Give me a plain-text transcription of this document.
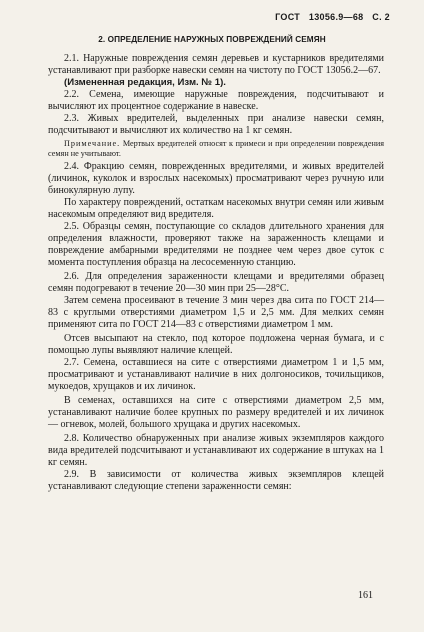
ГОСТ 13056.9—68 С. 2
2. ОПРЕДЕЛЕНИЕ НАРУЖНЫХ ПОВРЕЖДЕНИЙ СЕМЯН

2.1. Наружные повреждения семян деревьев и кустарников вредителями устанавливают при разборке навески семян на чистоту по ГОСТ 13056.2—67.

(Измененная редакция, Изм. № 1).

2.2. Семена, имеющие наружные повреждения, подсчитывают и вычисляют их процентное содержание в навеске.

2.3. Живых вредителей, выделенных при анализе навески семян, подсчитывают и вычисляют их количество на 1 кг семян.

Примечание. Мертвых вредителей относят к примеси и при определении повреждения семян не учитывают.

2.4. Фракцию семян, поврежденных вредителями, и живых вредителей (личинок, куколок и взрослых насекомых) просматривают через ручную или бинокулярную лупу.

По характеру повреждений, остаткам насекомых внутри семян или живым насекомым определяют вид вредителя.

2.5. Образцы семян, поступающие со складов длительного хранения для определения влажности, проверяют также на зараженность клещами и повреждение амбарными вредителями не позднее чем через двое суток с момента поступления образца на лесосеменную станцию.

2.6. Для определения зараженности клещами и вредителями образец семян подогревают в течение 20—30 мин при 25—28°С.

Затем семена просеивают в течение 3 мин через два сита по ГОСТ 214—83 с круглыми отверстиями диаметром 1,5 и 2,5 мм. Для мелких семян применяют сита по ГОСТ 214—83 с отверстиями диаметром 1 мм.

Отсев высыпают на стекло, под которое подложена черная бумага, и с помощью лупы выявляют наличие клещей.

2.7. Семена, оставшиеся на сите с отверстиями диаметром 1 и 1,5 мм, просматривают и устанавливают наличие в них долгоносиков, точильщиков, мукоедов, хрущаков и их личинок.

В семенах, оставшихся на сите с отверстиями диаметром 2,5 мм, устанавливают наличие более крупных по размеру вредителей и их личинок — огневок, молей, большого хрущака и других насекомых.

2.8. Количество обнаруженных при анализе живых экземпляров каждого вида вредителей подсчитывают и устанавливают их содержание в штуках на 1 кг семян.

2.9. В зависимости от количества живых экземпляров клещей устанавливают следующие степени зараженности семян:

161
